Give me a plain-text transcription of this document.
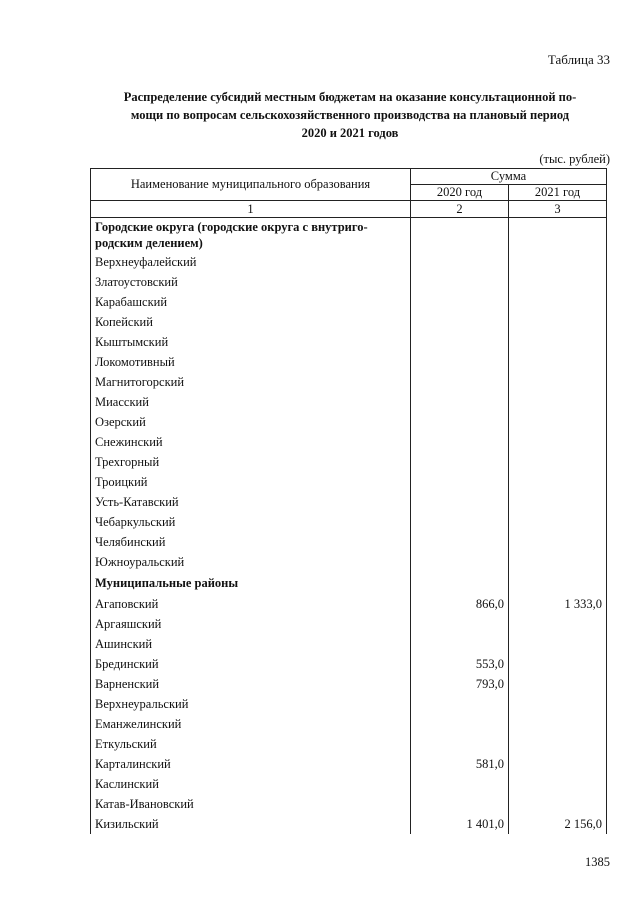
Таблица 33
Распределение субсидий местным бюджетам на оказание консультационной по-
мощи по вопросам сельскохозяйственного производства на плановый период
2020 и 2021 годов
(тыс. рублей)
Наименование муниципального образования	Сумма	
	2020 год	2021 год
1	2	3
Городские округа (городские округа с внутриго-родским делением)		
Верхнеуфалейский		
Златоустовский		
Карабашский		
Копейский		
Кыштымский		
Локомотивный		
Магнитогорский		
Миасский		
Озерский		
Снежинский		
Трехгорный		
Троицкий		
Усть-Катавский		
Чебаркульский		
Челябинский		
Южноуральский		
Муниципальные районы		
Агаповский	866,0	1 333,0
Аргаяшский		
Ашинский		
Брединский	553,0	
Варненский	793,0	
Верхнеуральский		
Еманжелинский		
Еткульский		
Карталинский	581,0	
Каслинский		
Катав-Ивановский		
Кизильский	1 401,0	2 156,0
1385
